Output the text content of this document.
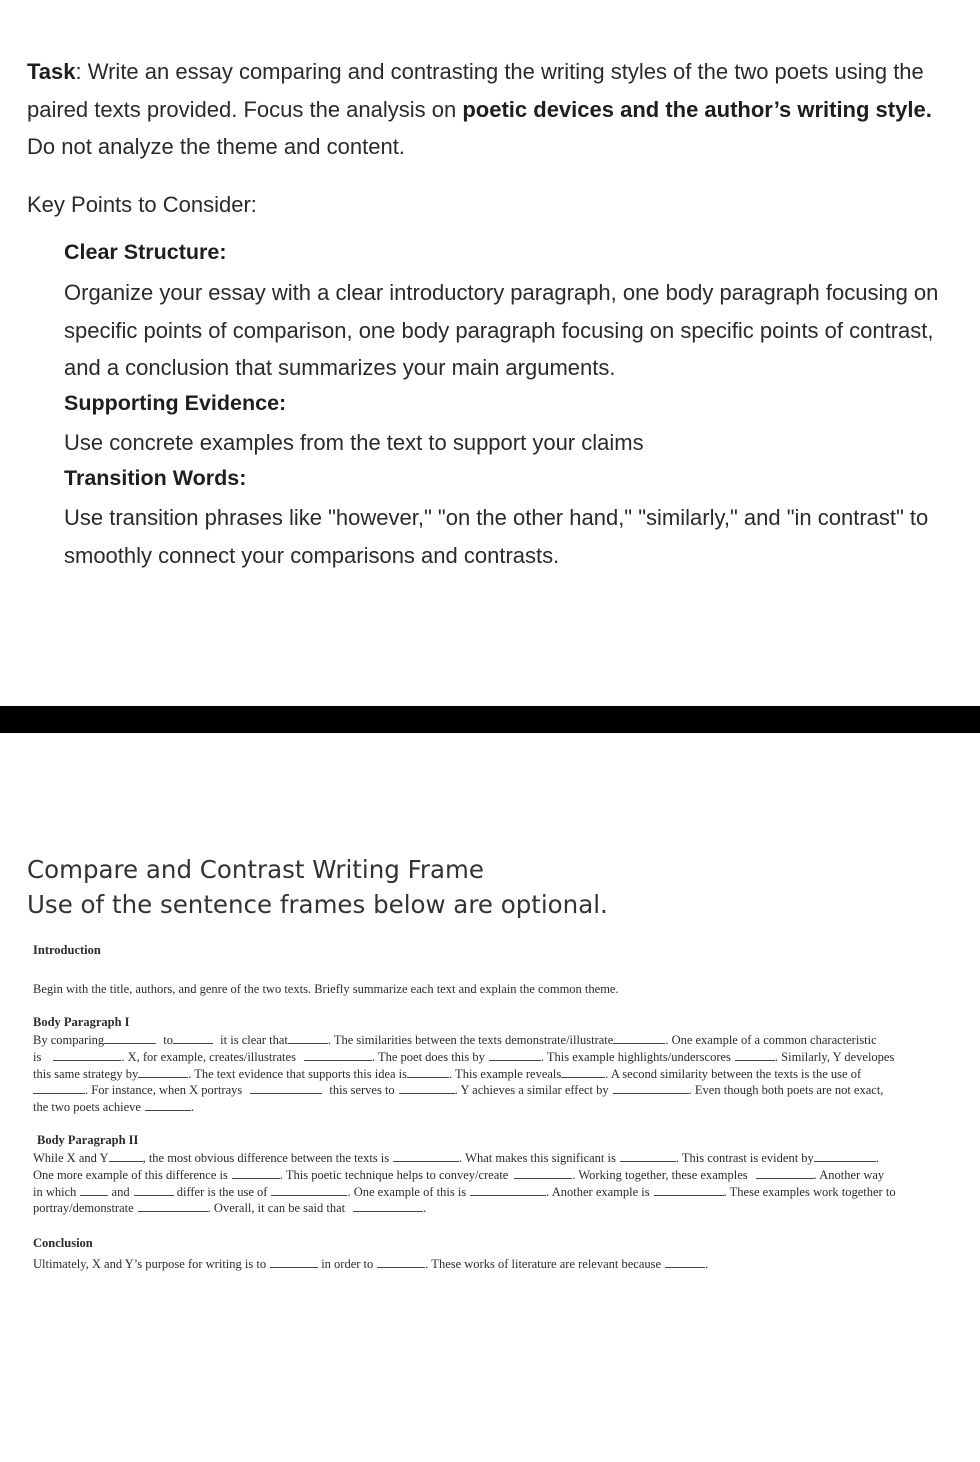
Task: Write an essay comparing and contrasting the writing styles of the two poets using the paired texts provided. Focus the analysis on poetic devices and the author’s writing style. Do not analyze the theme and content.
Key Points to Consider:
Clear Structure:
Organize your essay with a clear introductory paragraph, one body paragraph focusing on specific points of comparison, one body paragraph focusing on specific points of contrast, and a conclusion that summarizes your main arguments.
Supporting Evidence:
Use concrete examples from the text to support your claims
Transition Words:
Use transition phrases like "however," "on the other hand," "similarly," and "in contrast" to smoothly connect your comparisons and contrasts.
Compare and Contrast Writing Frame
Use of the sentence frames below are optional.
Introduction
Begin with the title, authors, and genre of the two texts. Briefly summarize each text and explain the common theme.
Body Paragraph I
By comparing	to	it is clear that	. The similarities between the texts demonstrate/illustrate	. One example of a common characteristic
is	. X, for example, creates/illustrates	. The poet does this by	. This example highlights/underscores	. Similarly, Y developes
this same strategy by	. The text evidence that supports this idea is	. This example reveals	. A second similarity between the texts is the use of
. For instance, when X portrays	this serves to	. Y achieves a similar effect by	. Even though both poets are not exact,
the two poets achieve	.
Body Paragraph II
While X and Y	, the most obvious difference between the texts is	. What makes this significant is	. This contrast is evident by	.
One more example of this difference is	. This poetic technique helps to convey/create	. Working together, these examples	. Another way
in which	and	differ is the use of	. One example of this is	. Another example is	. These examples work together to
portray/demonstrate	. Overall, it can be said that	.
Conclusion
Ultimately, X and Y’s purpose for writing is to	in order to	. These works of literature are relevant because	.
